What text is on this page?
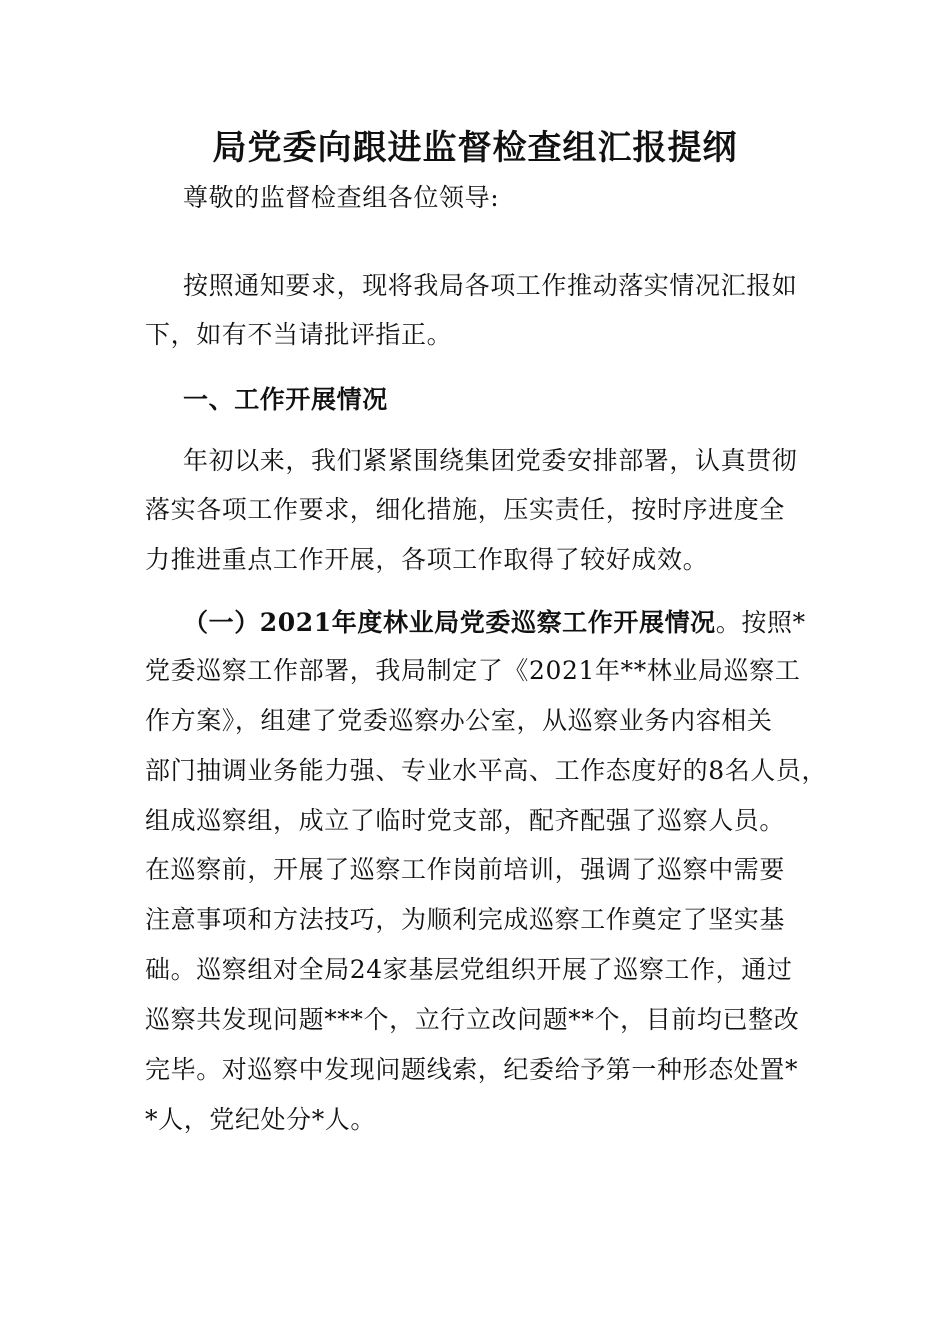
局党委向跟进监督检查组汇报提纲
尊敬的监督检查组各位领导:
按照通知要求，现将我局各项工作推动落实情况汇报如
下，如有不当请批评指正。
一、工作开展情况
年初以来，我们紧紧围绕集团党委安排部署，认真贯彻
落实各项工作要求，细化措施，压实责任，按时序进度全
力推进重点工作开展，各项工作取得了较好成效。
（一）2021年度林业局党委巡察工作开展情况。按照*
党委巡察工作部署，我局制定了《2021年**林业局巡察工
作方案》，组建了党委巡察办公室，从巡察业务内容相关
部门抽调业务能力强、专业水平高、工作态度好的8名人员，
组成巡察组，成立了临时党支部，配齐配强了巡察人员。
在巡察前，开展了巡察工作岗前培训，强调了巡察中需要
注意事项和方法技巧，为顺利完成巡察工作奠定了坚实基
础。巡察组对全局24家基层党组织开展了巡察工作，通过
巡察共发现问题***个，立行立改问题**个，目前均已整改
完毕。对巡察中发现问题线索，纪委给予第一种形态处置*
*人，党纪处分*人。
